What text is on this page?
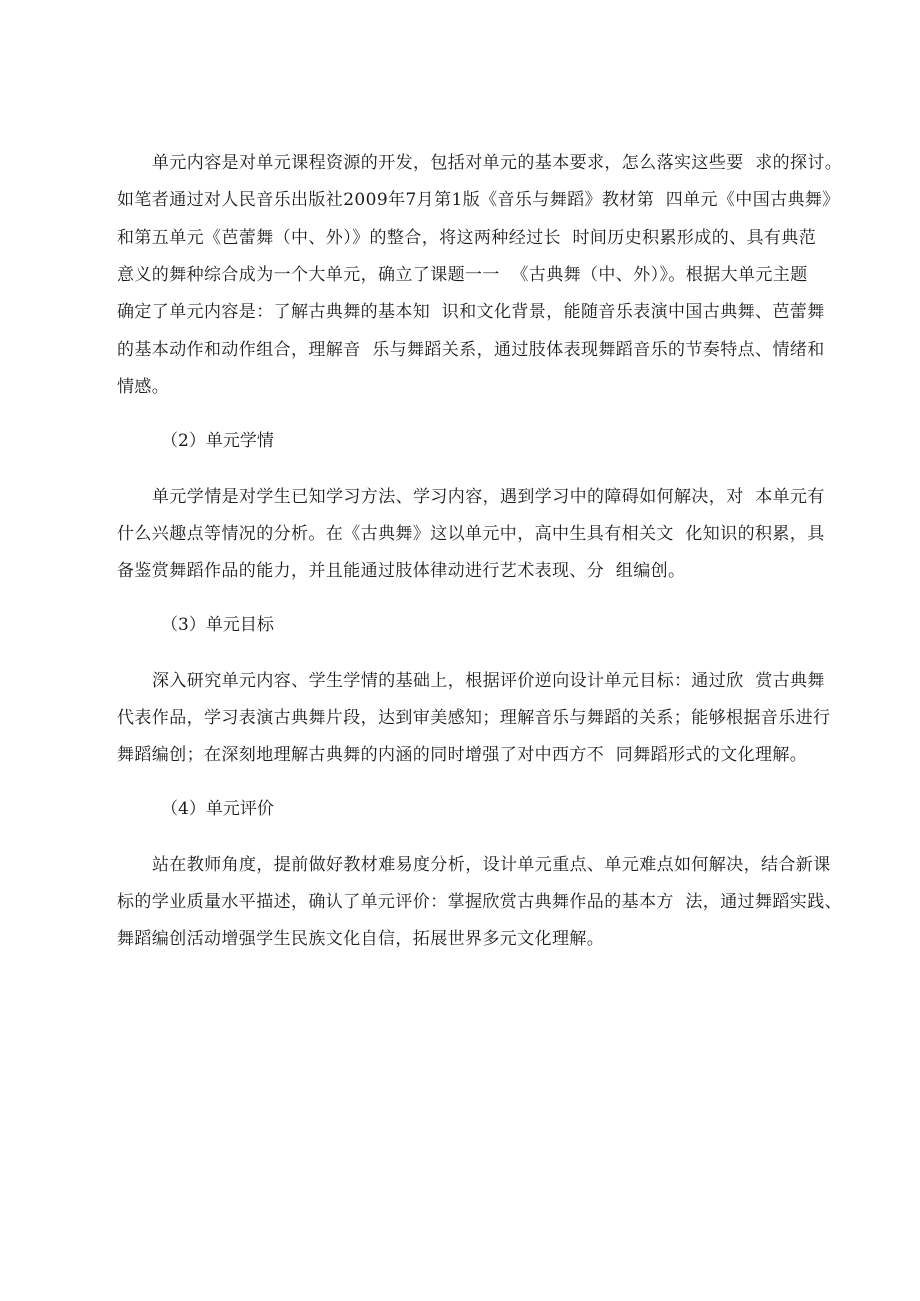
单元内容是对单元课程资源的开发，包括对单元的基本要求，怎么落实这些要  求的探讨。
如笔者通过对人民音乐出版社2009年7月第1版《音乐与舞蹈》教材第  四单元《中国古典舞》
和第五单元《芭蕾舞（中、外）》的整合，将这两种经过长  时间历史积累形成的、具有典范
意义的舞种综合成为一个大单元，确立了课题一一  《古典舞（中、外）》。根据大单元主题
确定了单元内容是：了解古典舞的基本知  识和文化背景，能随音乐表演中国古典舞、芭蕾舞
的基本动作和动作组合，理解音  乐与舞蹈关系，通过肢体表现舞蹈音乐的节奏特点、情绪和
情感。
（2）单元学情
单元学情是对学生已知学习方法、学习内容，遇到学习中的障碍如何解决，对  本单元有
什么兴趣点等情况的分析。在《古典舞》这以单元中，高中生具有相关文  化知识的积累，具
备鉴赏舞蹈作品的能力，并且能通过肢体律动进行艺术表现、分  组编创。
（3）单元目标
深入研究单元内容、学生学情的基础上，根据评价逆向设计单元目标：通过欣  赏古典舞
代表作品，学习表演古典舞片段，达到审美感知；理解音乐与舞蹈的关系；能够根据音乐进行
舞蹈编创；在深刻地理解古典舞的内涵的同时增强了对中西方不  同舞蹈形式的文化理解。
（4）单元评价
站在教师角度，提前做好教材难易度分析，设计单元重点、单元难点如何解决，结合新课
标的学业质量水平描述，确认了单元评价：掌握欣赏古典舞作品的基本方  法，通过舞蹈实践、
舞蹈编创活动增强学生民族文化自信，拓展世界多元文化理解。
